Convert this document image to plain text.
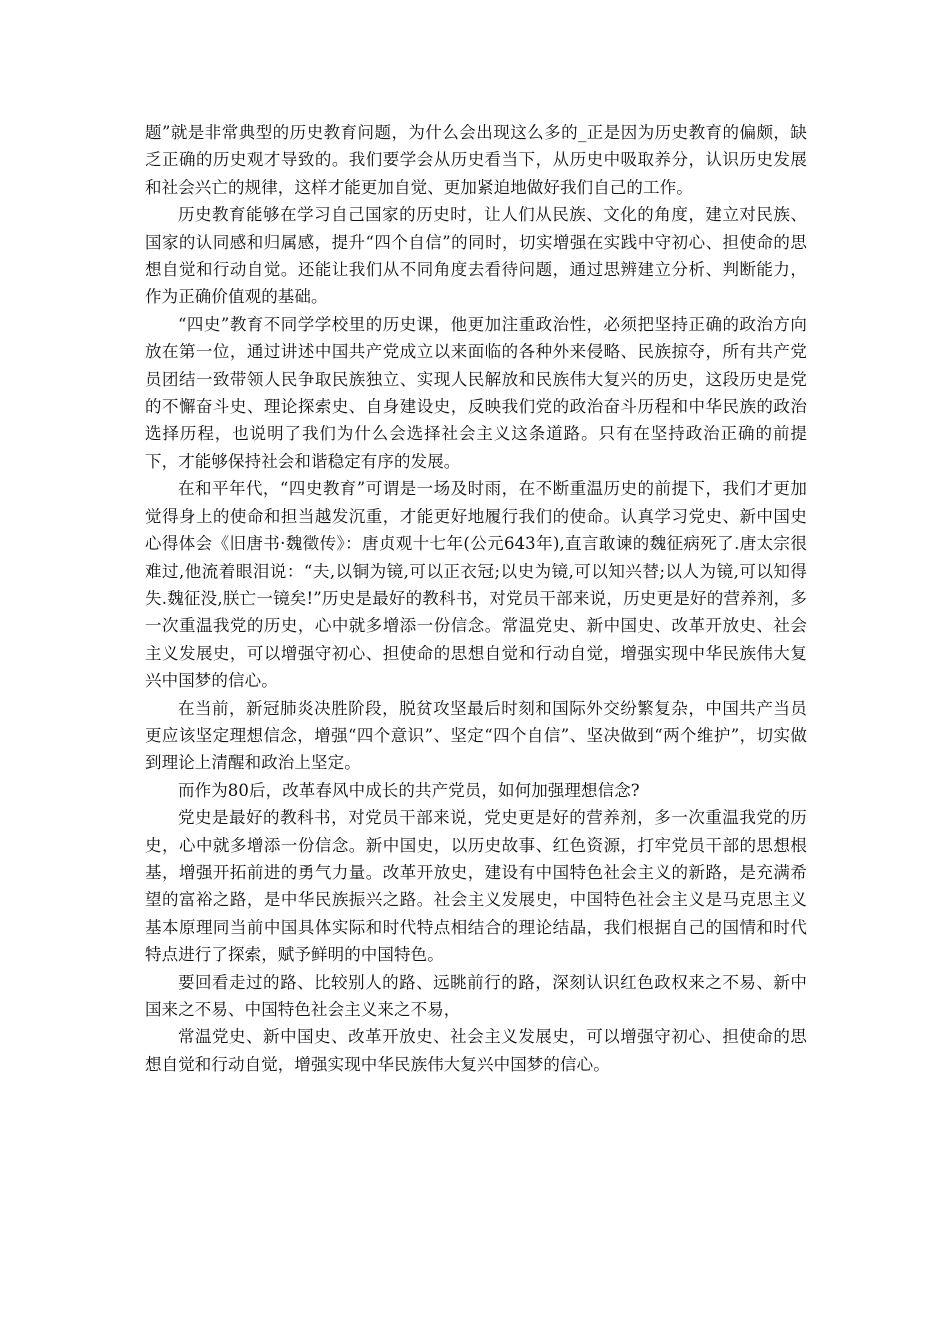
题”就是非常典型的历史教育问题，为什么会出现这么多的_正是因为历史教育的偏颇，缺乏正确的历史观才导致的。我们要学会从历史看当下，从历史中吸取养分，认识历史发展和社会兴亡的规律，这样才能更加自觉、更加紧迫地做好我们自己的工作。

历史教育能够在学习自己国家的历史时，让人们从民族、文化的角度，建立对民族、国家的认同感和归属感，提升“四个自信”的同时，切实增强在实践中守初心、担使命的思想自觉和行动自觉。还能让我们从不同角度去看待问题，通过思辨建立分析、判断能力，作为正确价值观的基础。

“四史”教育不同学学校里的历史课，他更加注重政治性，必须把坚持正确的政治方向放在第一位，通过讲述中国共产党成立以来面临的各种外来侵略、民族掠夺，所有共产党员团结一致带领人民争取民族独立、实现人民解放和民族伟大复兴的历史，这段历史是党的不懈奋斗史、理论探索史、自身建设史，反映我们党的政治奋斗历程和中华民族的政治选择历程，也说明了我们为什么会选择社会主义这条道路。只有在坚持政治正确的前提下，才能够保持社会和谐稳定有序的发展。

在和平年代，“四史教育”可谓是一场及时雨，在不断重温历史的前提下，我们才更加觉得身上的使命和担当越发沉重，才能更好地履行我们的使命。认真学习党史、新中国史心得体会《旧唐书·魏徵传》：唐贞观十七年(公元643年),直言敢谏的魏征病死了.唐太宗很难过,他流着眼泪说：“夫,以铜为镜,可以正衣冠;以史为镜,可以知兴替;以人为镜,可以知得失.魏征没,朕亡一镜矣!”历史是最好的教科书，对党员干部来说，历史更是好的营养剂，多一次重温我党的历史，心中就多增添一份信念。常温党史、新中国史、改革开放史、社会主义发展史，可以增强守初心、担使命的思想自觉和行动自觉，增强实现中华民族伟大复兴中国梦的信心。

在当前，新冠肺炎决胜阶段，脱贫攻坚最后时刻和国际外交纷繁复杂，中国共产当员更应该坚定理想信念，增强“四个意识”、坚定“四个自信”、坚决做到“两个维护”，切实做到理论上清醒和政治上坚定。

而作为80后，改革春风中成长的共产党员，如何加强理想信念?

党史是最好的教科书，对党员干部来说，党史更是好的营养剂，多一次重温我党的历史，心中就多增添一份信念。新中国史，以历史故事、红色资源，打牢党员干部的思想根基，增强开拓前进的勇气力量。改革开放史，建设有中国特色社会主义的新路，是充满希望的富裕之路，是中华民族振兴之路。社会主义发展史，中国特色社会主义是马克思主义基本原理同当前中国具体实际和时代特点相结合的理论结晶，我们根据自己的国情和时代特点进行了探索，赋予鲜明的中国特色。

要回看走过的路、比较别人的路、远眺前行的路，深刻认识红色政权来之不易、新中国来之不易、中国特色社会主义来之不易，

常温党史、新中国史、改革开放史、社会主义发展史，可以增强守初心、担使命的思想自觉和行动自觉，增强实现中华民族伟大复兴中国梦的信心。
